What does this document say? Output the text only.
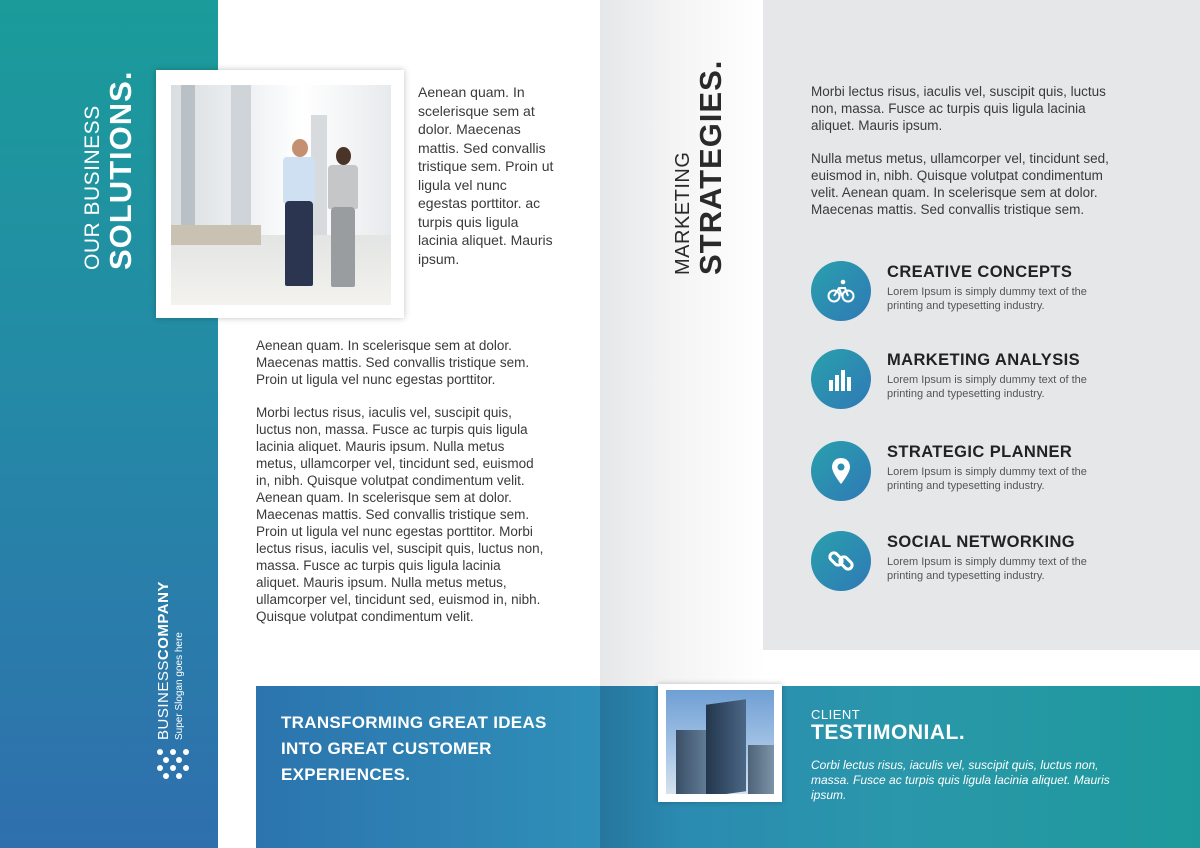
OUR BUSINESS SOLUTIONS.
BUSINESSCOMPANY
Super Slogan goes here

Aenean quam. In scelerisque sem at dolor. Maecenas mattis. Sed convallis tristique sem. Proin ut ligula vel nunc egestas porttitor. ac turpis quis ligula lacinia aliquet. Mauris ipsum.

Aenean quam. In scelerisque sem at dolor. Maecenas mattis. Sed convallis tristique sem. Proin ut ligula vel nunc egestas porttitor.

Morbi lectus risus, iaculis vel, suscipit quis, luctus non, massa. Fusce ac turpis quis ligula lacinia aliquet. Mauris ipsum. Nulla metus metus, ullamcorper vel, tincidunt sed, euismod in, nibh. Quisque volutpat condimentum velit. Aenean quam. In scelerisque sem at dolor. Maecenas mattis. Sed convallis tristique sem. Proin ut ligula vel nunc egestas porttitor. Morbi lectus risus, iaculis vel, suscipit quis, luctus non, massa. Fusce ac turpis quis ligula lacinia aliquet. Mauris ipsum. Nulla metus metus, ullamcorper vel, tincidunt sed, euismod in, nibh. Quisque volutpat condimentum velit.

TRANSFORMING GREAT IDEAS INTO GREAT CUSTOMER EXPERIENCES.
MARKETING STRATEGIES.	Morbi lectus risus, iaculis vel, suscipit quis, luctus non, massa. Fusce ac turpis quis ligula lacinia aliquet. Mauris ipsum.

Nulla metus metus, ullamcorper vel, tincidunt sed, euismod in, nibh. Quisque volutpat condimentum velit. Aenean quam. In scelerisque sem at dolor. Maecenas mattis. Sed convallis tristique sem.

CREATIVE CONCEPTS
Lorem Ipsum is simply dummy text of the printing and typesetting industry.
MARKETING ANALYSIS
Lorem Ipsum is simply dummy text of the printing and typesetting industry.
STRATEGIC PLANNER
Lorem Ipsum is simply dummy text of the printing and typesetting industry.
SOCIAL NETWORKING
Lorem Ipsum is simply dummy text of the printing and typesetting industry.
CLIENT
TESTIMONIAL.
Corbi lectus risus, iaculis vel, suscipit quis, luctus non, massa. Fusce ac turpis quis ligula lacinia aliquet. Mauris ipsum.
